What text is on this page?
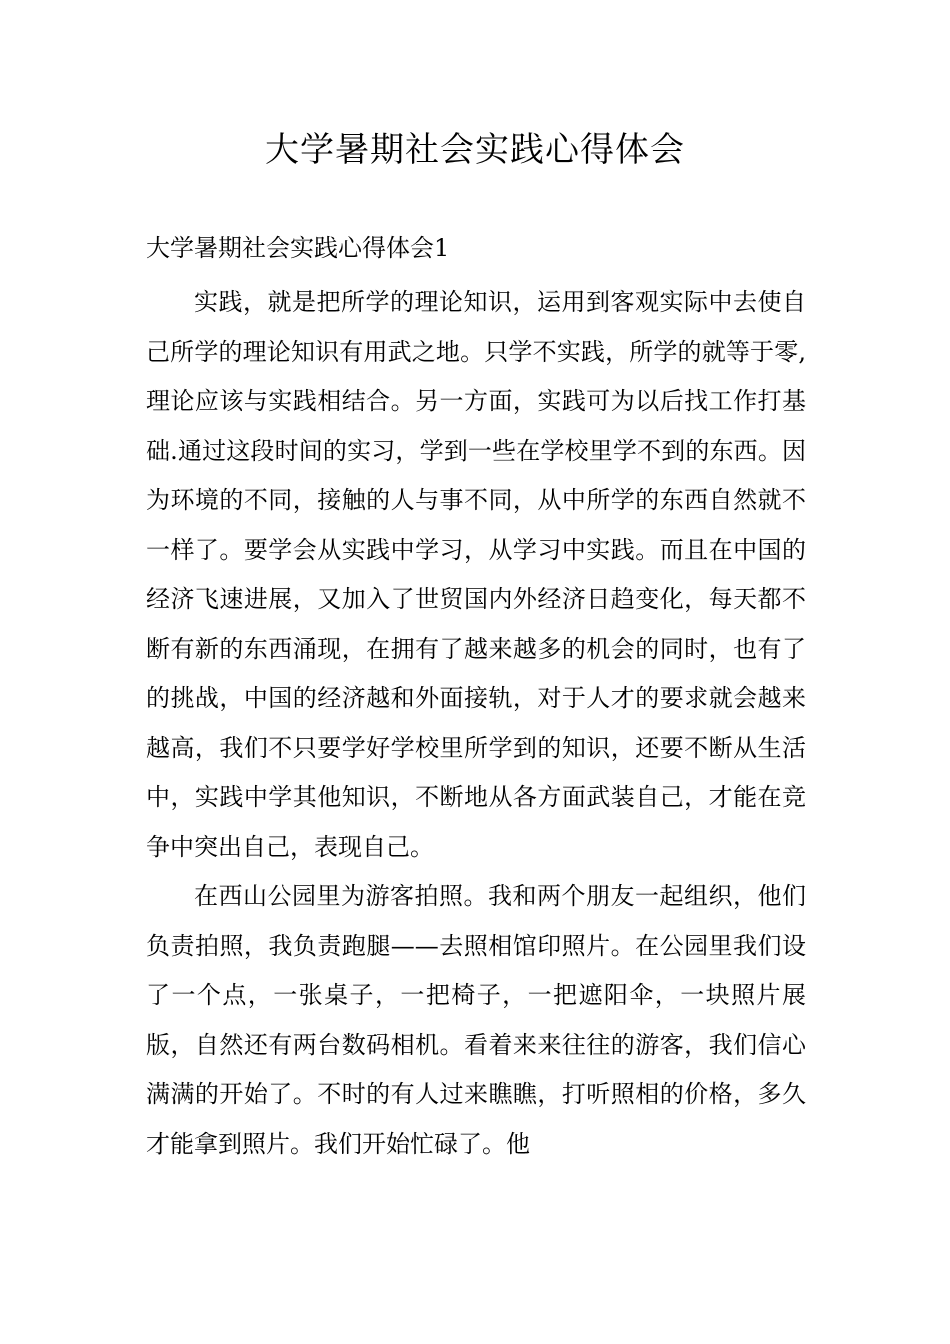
大学暑期社会实践心得体会
大学暑期社会实践心得体会1

实践，就是把所学的理论知识，运用到客观实际中去使自己所学的理论知识有用武之地。只学不实践，所学的就等于零,理论应该与实践相结合。另一方面，实践可为以后找工作打基础.通过这段时间的实习，学到一些在学校里学不到的东西。因为环境的不同，接触的人与事不同，从中所学的东西自然就不一样了。要学会从实践中学习，从学习中实践。而且在中国的经济飞速进展，又加入了世贸国内外经济日趋变化，每天都不断有新的东西涌现，在拥有了越来越多的机会的同时，也有了的挑战，中国的经济越和外面接轨，对于人才的要求就会越来越高，我们不只要学好学校里所学到的知识，还要不断从生活中，实践中学其他知识，不断地从各方面武装自己，才能在竞争中突出自己，表现自己。

在西山公园里为游客拍照。我和两个朋友一起组织，他们负责拍照，我负责跑腿——去照相馆印照片。在公园里我们设了一个点，一张桌子，一把椅子，一把遮阳伞，一块照片展版，自然还有两台数码相机。看着来来往往的游客，我们信心满满的开始了。不时的有人过来瞧瞧，打听照相的价格，多久才能拿到照片。我们开始忙碌了。他
